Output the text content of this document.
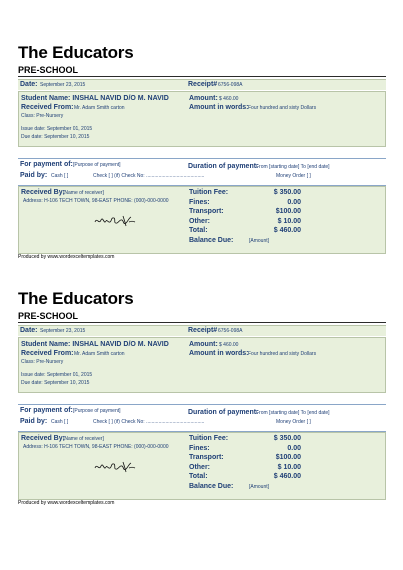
The Educators
PRE-SCHOOL
Date: September 23, 2015	Receipt# 6756-098A
Student Name: INSHAL NAVID D/O M. NAVID
Received From: Mr. Adam Smith carton
Class: Pre-Nursery
Issue date: September 01, 2015
Due date: September 10, 2015
Amount: $ 460.00
Amount in words: Four hundred and sixty Dollars
For payment of: [Purpose of payment]	Duration of payment:
From [starting date] To [end date]
Paid by: Cash [ ]	Check [ ] (if) Check No: ..........................................	Money Order [ ]
Received By:
[Name of receiver]
Address: H-106 TECH TOWN, 98-EAST PHONE: (000)-000-0000
Tuition Fee:	$ 350.00
Fines:	0.00
Transport:	$100.00
Other:	$ 10.00
Total:	$ 460.00
Balance Due:	[Amount]
Produced by www.wordexceltemplates.com
The Educators
PRE-SCHOOL
Date: September 23, 2015	Receipt# 6756-098A
Student Name: INSHAL NAVID D/O M. NAVID
Received From: Mr. Adam Smith carton
Class: Pre-Nursery
Issue date: September 01, 2015
Due date: September 10, 2015
Amount: $ 460.00
Amount in words: Four hundred and sixty Dollars
For payment of: [Purpose of payment]	Duration of payment:
From [starting date] To [end date]
Paid by: Cash [ ]	Check [ ] (if) Check No: ..........................................	Money Order [ ]
Received By:
[Name of receiver]
Address: H-106 TECH TOWN, 98-EAST PHONE: (000)-000-0000
Tuition Fee:	$ 350.00
Fines:	0.00
Transport:	$100.00
Other:	$ 10.00
Total:	$ 460.00
Balance Due:	[Amount]
Produced by www.wordexceltemplates.com
